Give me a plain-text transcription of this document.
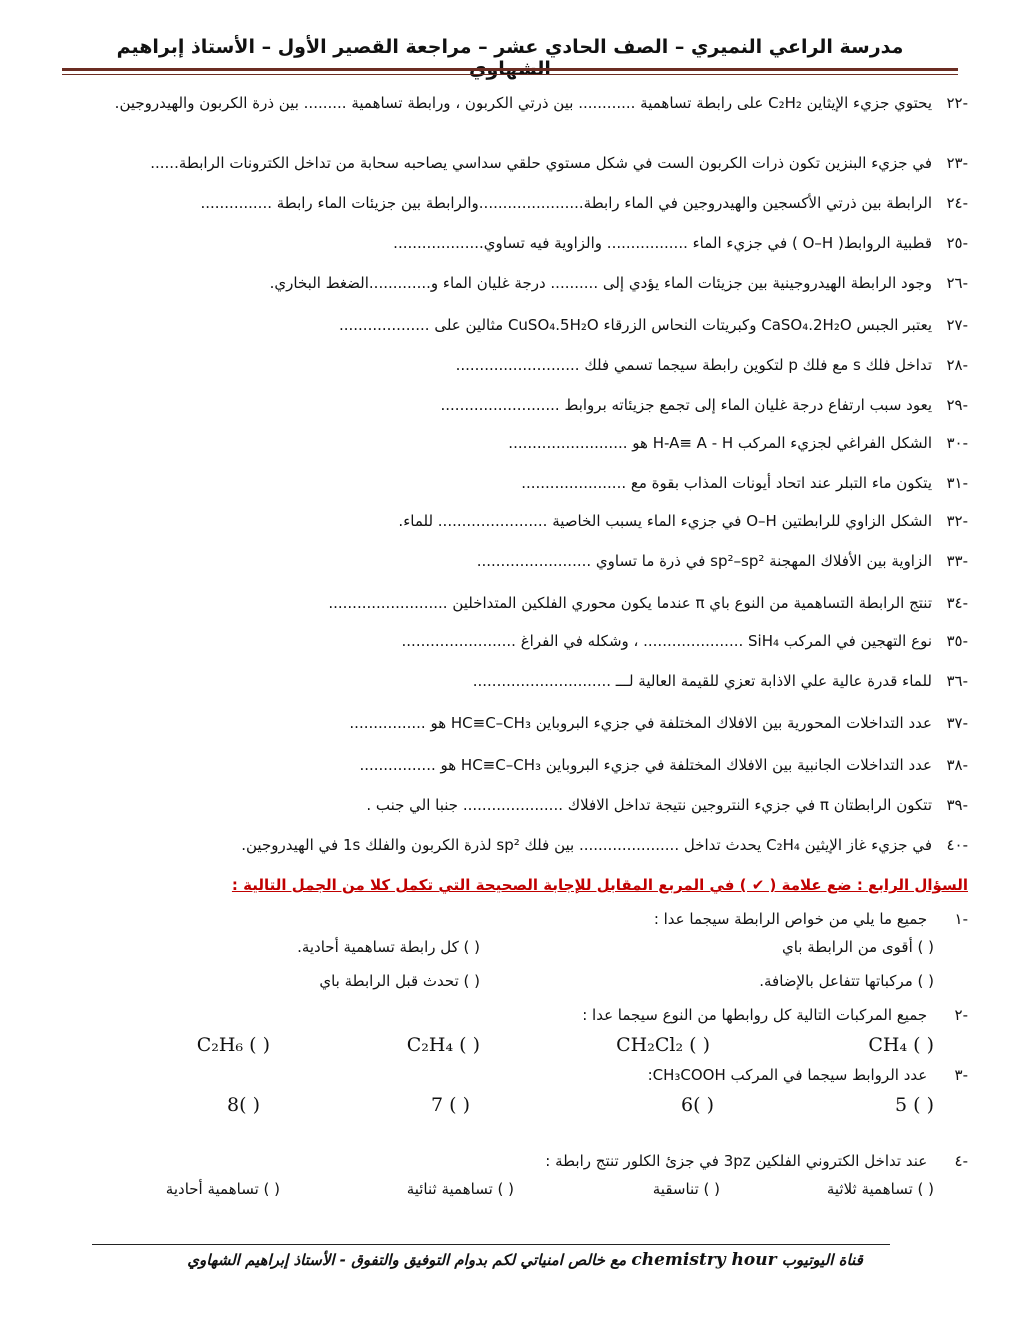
مدرسة الراعي النميري – الصف الحادي عشر – مراجعة القصير الأول – الأستاذ إبراهيم الشهاوي
-٢٢يحتوي جزيء الإيثاين C₂H₂ على رابطة تساهمية ............ بين ذرتي الكربون ، ورابطة تساهمية ......... بين ذرة الكربون والهيدروجين.
-٢٣في جزيء البنزين تكون ذرات الكربون الست في شكل مستوي حلقي سداسي يصاحبه سحابة من تداخل الكترونات الرابطة......
-٢٤الرابطة بين ذرتي الأكسجين والهيدروجين في الماء رابطة......................والرابطة بين جزيئات الماء رابطة ...............
-٢٥قطبية الروابط( O–H ) في جزيء الماء ................. والزاوية فيه تساوي...................
-٢٦وجود الرابطة الهيدروجينية بين جزيئات الماء يؤدي إلى .......... درجة غليان الماء و.............الضغط البخاري.
-٢٧يعتبر الجبس CaSO₄.2H₂O وكبريتات النحاس الزرقاء CuSO₄.5H₂O مثالين على ...................
-٢٨تداخل فلك s مع فلك p لتكوين رابطة سيجما تسمي فلك ..........................
-٢٩يعود سبب ارتفاع درجة غليان الماء إلى تجمع جزيئاته بروابط .........................
-٣٠الشكل الفراغي لجزيء المركب H-A≡ A - H هو .........................
-٣١يتكون ماء التبلر عند اتحاد أيونات المذاب بقوة مع ......................
-٣٢الشكل الزاوي للرابطتين O–H في جزيء الماء يسبب الخاصية ....................... للماء.
-٣٣الزاوية بين الأفلاك المهجنة sp²–sp² في ذرة ما تساوي ........................
-٣٤تنتج الرابطة التساهمية من النوع باي π عندما يكون محوري الفلكين المتداخلين .........................
-٣٥نوع التهجين في المركب SiH₄ ..................... ، وشكله في الفراغ ........................
-٣٦للماء قدرة عالية علي الاذابة تعزي للقيمة العالية لـــ .............................
-٣٧عدد التداخلات المحورية بين الافلاك المختلفة في جزيء البروباين HC≡C–CH₃ هو ................
-٣٨عدد التداخلات الجانبية بين الافلاك المختلفة في جزيء البروباين HC≡C–CH₃ هو ................
-٣٩تتكون الرابطتان π في جزيء النتروجين نتيجة تداخل الافلاك ..................... جنبا الي جنب .
-٤٠في جزيء غاز الإيثين C₂H₄ يحدث تداخل ..................... بين فلك sp² لذرة الكربون والفلك 1s في الهيدروجين.
السؤال الرابع : ضع علامة ( ✔ ) في المربع المقابل للإجابة الصحيحة التي تكمل كلا من الجمل التالية :
-١ جميع ما يلي من خواص الرابطة سيجما عدا :
( ) أقوى من الرابطة باي
( ) كل رابطة تساهمية أحادية.
( ) مركباتها تتفاعل بالإضافة.
( ) تحدث قبل الرابطة باي
-٢ جميع المركبات التالية كل روابطها من النوع سيجما عدا :
CH₄ ( )
CH₂Cl₂ ( )
C₂H₄ ( )
C₂H₆ ( )
-٣ عدد الروابط سيجما في المركب CH₃COOH:
5 ( )
6( )
7 ( )
8( )
-٤ عند تداخل الكتروني الفلكين 3pz في جزئ الكلور تنتج رابطة :
( ) تساهمية ثلاثية
( ) تناسقية
( ) تساهمية ثنائية
( ) تساهمية أحادية
قناة اليوتيوب chemistry hour مع خالص امنياتي لكم بدوام التوفيق والتفوق - الأستاذ إبراهيم الشهاوي
